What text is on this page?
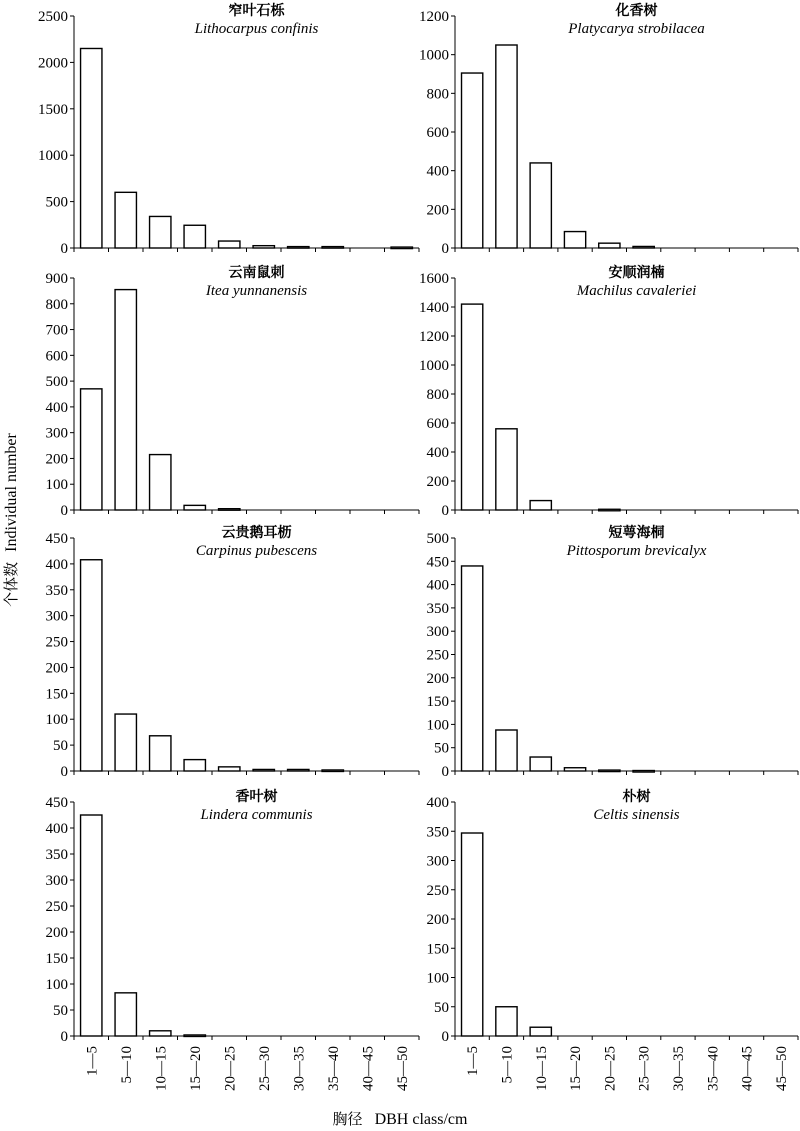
0
500
1000
1500
2000
2500	窄叶石栎
Lithocarpus confinis
0
200
400
600
800
1000
1200	化香树
Platycarya strobilacea
0
100
200
300
400
500
600
700
800
900	云南鼠刺
Itea yunnanensis
0
200
400
600
800
1000
1200
1400
1600	安顺润楠
Machilus cavaleriei
0
50
100
150
200
250
300
350
400
450	云贵鹅耳枥
Carpinus pubescens
0
50
100
150
200
250
300
350
400
450
500	短萼海桐
Pittosporum brevicalyx
0
50
100
150
200
250
300
350
400
450
1—5 5—10 10—15 15—20 20—25 25—30 30—35 35—40 40—45 45—50
香叶树
Lindera communis
0
50
100
150
200
250
300
350
400
1—5 5—10 10—15 15—20 20—25 25—30 30—35 35—40 40—45 45—50
朴树
Celtis sinensis
个体数 Individual number
胸径 DBH class/cm
